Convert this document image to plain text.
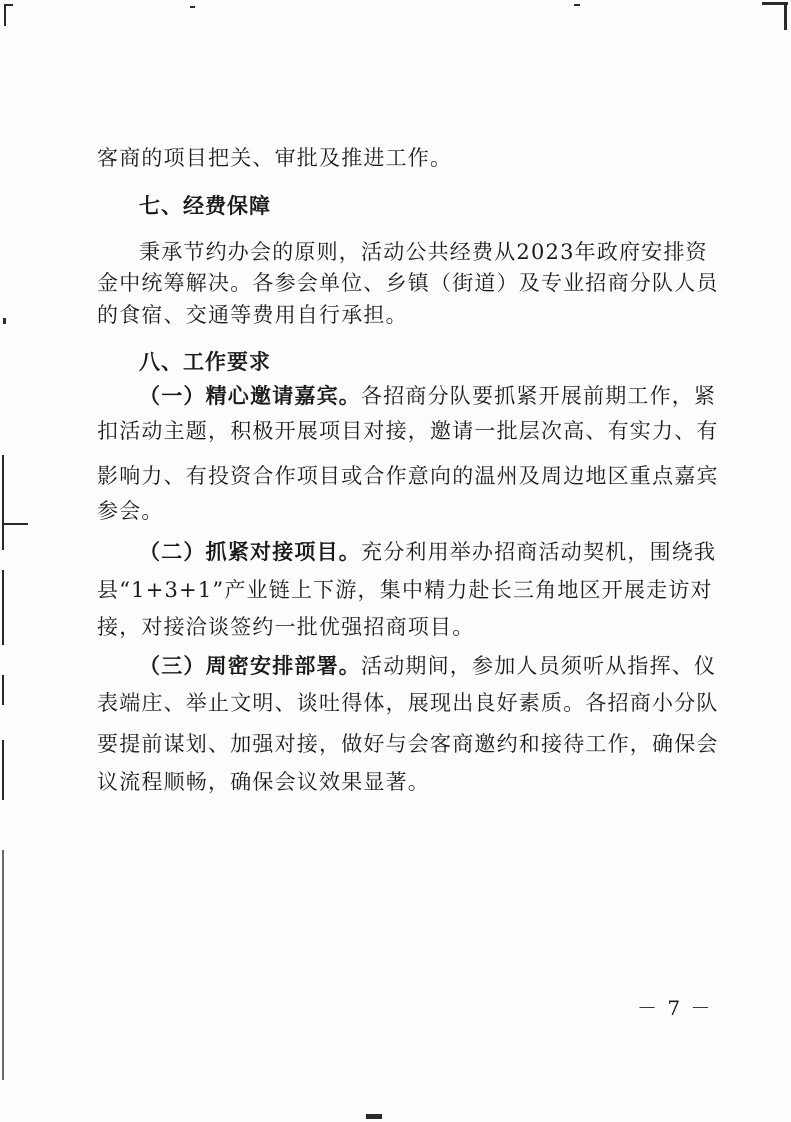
客商的项目把关、审批及推进工作。
七、经费保障
秉承节约办会的原则，活动公共经费从2023年政府安排资
金中统筹解决。各参会单位、乡镇（街道）及专业招商分队人员
的食宿、交通等费用自行承担。
八、工作要求
（一）精心邀请嘉宾。各招商分队要抓紧开展前期工作，紧
扣活动主题，积极开展项目对接，邀请一批层次高、有实力、有
影响力、有投资合作项目或合作意向的温州及周边地区重点嘉宾
参会。
（二）抓紧对接项目。充分利用举办招商活动契机，围绕我
县“1+3+1”产业链上下游，集中精力赴长三角地区开展走访对
接，对接洽谈签约一批优强招商项目。
（三）周密安排部署。活动期间，参加人员须听从指挥、仪
表端庄、举止文明、谈吐得体，展现出良好素质。各招商小分队
要提前谋划、加强对接，做好与会客商邀约和接待工作，确保会
议流程顺畅，确保会议效果显著。
－ 7 －
